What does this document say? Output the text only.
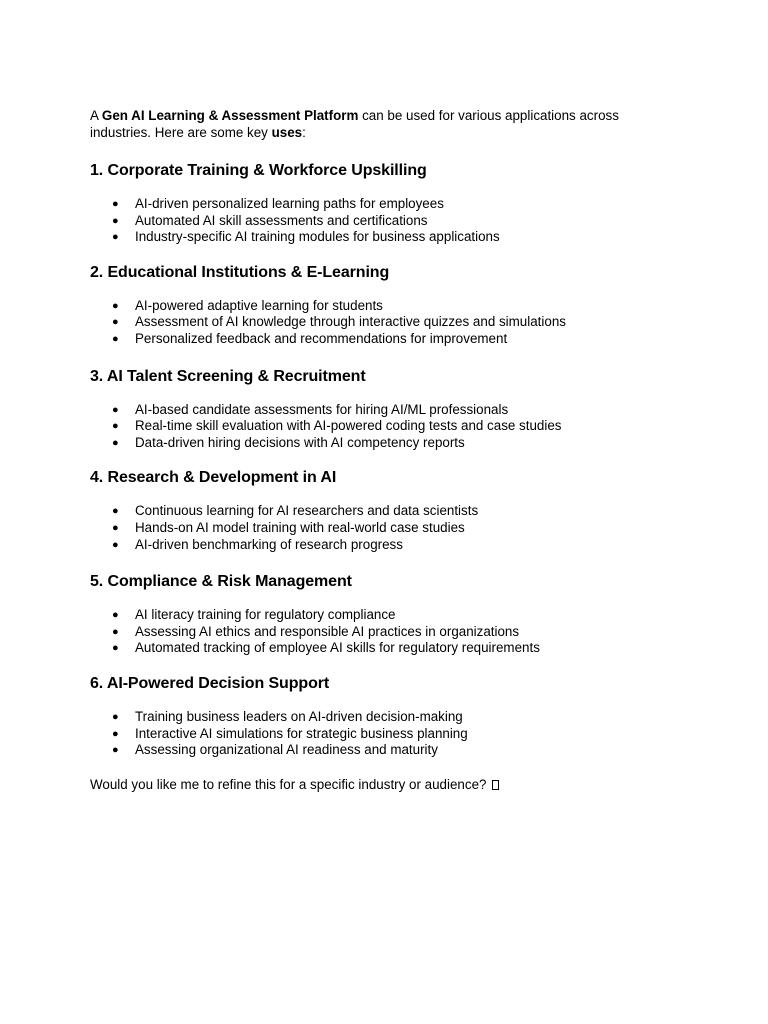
A Gen AI Learning & Assessment Platform can be used for various applications across industries. Here are some key uses:

1. Corporate Training & Workforce Upskilling
● AI-driven personalized learning paths for employees
● Automated AI skill assessments and certifications
● Industry-specific AI training modules for business applications
2. Educational Institutions & E-Learning
● AI-powered adaptive learning for students
● Assessment of AI knowledge through interactive quizzes and simulations
● Personalized feedback and recommendations for improvement
3. AI Talent Screening & Recruitment
● AI-based candidate assessments for hiring AI/ML professionals
● Real-time skill evaluation with AI-powered coding tests and case studies
● Data-driven hiring decisions with AI competency reports
4. Research & Development in AI
● Continuous learning for AI researchers and data scientists
● Hands-on AI model training with real-world case studies
● AI-driven benchmarking of research progress
5. Compliance & Risk Management
● AI literacy training for regulatory compliance
● Assessing AI ethics and responsible AI practices in organizations
● Automated tracking of employee AI skills for regulatory requirements
6. AI-Powered Decision Support
● Training business leaders on AI-driven decision-making
● Interactive AI simulations for strategic business planning
● Assessing organizational AI readiness and maturity

Would you like me to refine this for a specific industry or audience?
